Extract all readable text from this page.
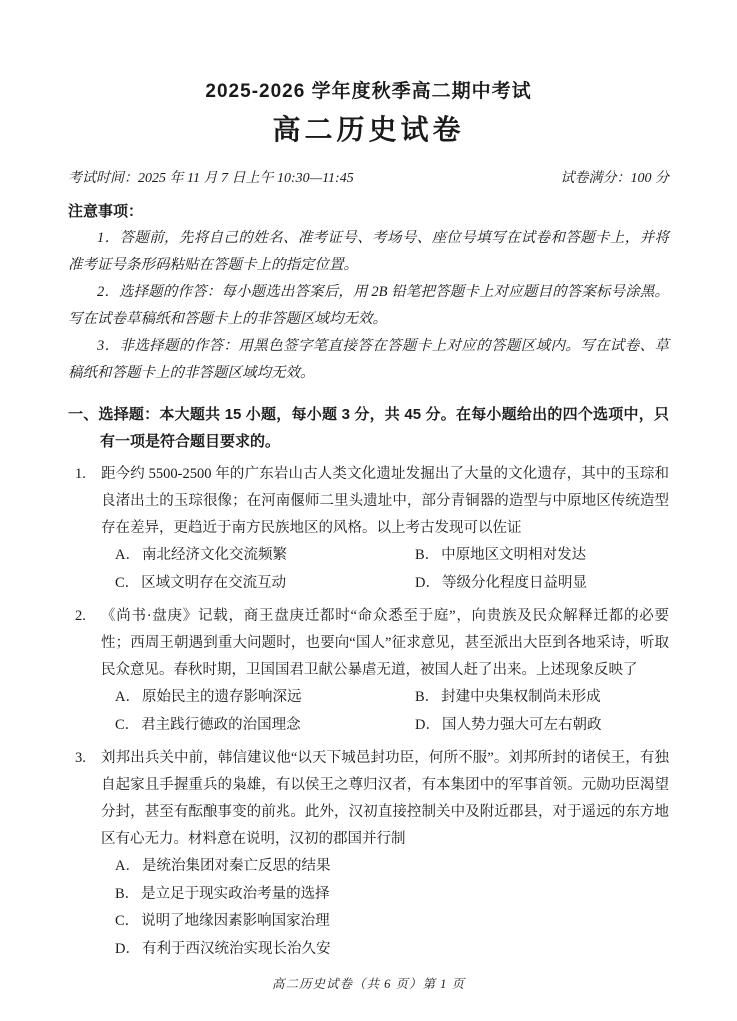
2025-2026 学年度秋季高二期中考试
高二历史试卷
考试时间：2025 年 11 月 7 日上午 10:30—11:45	试卷满分：100 分
注意事项：

1．答题前，先将自己的姓名、准考证号、考场号、座位号填写在试卷和答题卡上，并将准考证号条形码粘贴在答题卡上的指定位置。

2．选择题的作答：每小题选出答案后，用 2B 铅笔把答题卡上对应题目的答案标号涂黑。写在试卷草稿纸和答题卡上的非答题区域均无效。

3．非选择题的作答：用黑色签字笔直接答在答题卡上对应的答题区域内。写在试卷、草稿纸和答题卡上的非答题区域均无效。

一、选择题：本大题共 15 小题，每小题 3 分，共 45 分。在每小题给出的四个选项中，只有一项是符合题目要求的。

1. 距今约 5500-2500 年的广东岩山古人类文化遗址发掘出了大量的文化遗存，其中的玉琮和良渚出土的玉琮很像；在河南偃师二里头遗址中，部分青铜器的造型与中原地区传统造型存在差异，更趋近于南方民族地区的风格。以上考古发现可以佐证

A． 南北经济文化交流频繁	B． 中原地区文明相对发达
C． 区域文明存在交流互动	D． 等级分化程度日益明显
2. 《尚书·盘庚》记载，商王盘庚迁都时“命众悉至于庭”，向贵族及民众解释迁都的必要性；西周王朝遇到重大问题时，也要向“国人”征求意见，甚至派出大臣到各地采诗，听取民众意见。春秋时期，卫国国君卫献公暴虐无道，被国人赶了出来。上述现象反映了

A． 原始民主的遗存影响深远	B． 封建中央集权制尚未形成
C． 君主践行德政的治国理念	D． 国人势力强大可左右朝政
3. 刘邦出兵关中前，韩信建议他“以天下城邑封功臣，何所不服”。刘邦所封的诸侯王，有独自起家且手握重兵的枭雄，有以侯王之尊归汉者，有本集团中的军事首领。元勋功臣渴望分封，甚至有酝酿事变的前兆。此外，汉初直接控制关中及附近郡县，对于遥远的东方地区有心无力。材料意在说明，汉初的郡国并行制

A． 是统治集团对秦亡反思的结果
B． 是立足于现实政治考量的选择
C． 说明了地缘因素影响国家治理
D． 有利于西汉统治实现长治久安
高二历史试卷（共 6 页）第 1 页
